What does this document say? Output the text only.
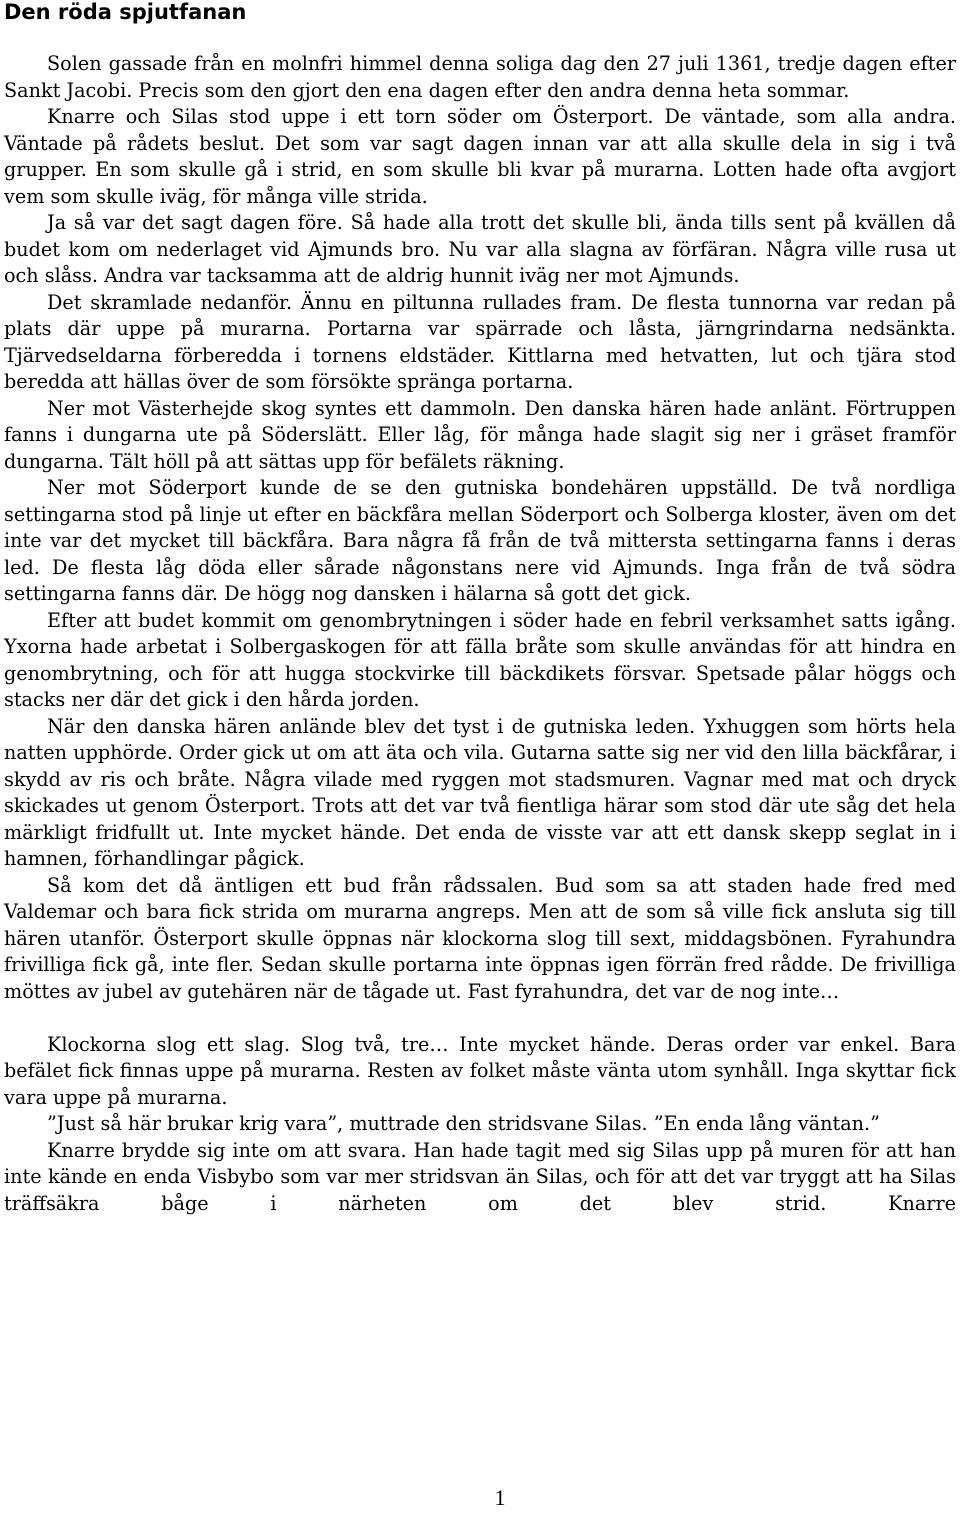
Den röda spjutfanan

Solen gassade från en molnfri himmel denna soliga dag den 27 juli 1361, tredje dagen efter Sankt Jacobi. Precis som den gjort den ena dagen efter den andra denna heta sommar.

Knarre och Silas stod uppe i ett torn söder om Österport. De väntade, som alla andra. Väntade på rådets beslut. Det som var sagt dagen innan var att alla skulle dela in sig i två grupper. En som skulle gå i strid, en som skulle bli kvar på murarna. Lotten hade ofta avgjort vem som skulle iväg, för många ville strida.

Ja så var det sagt dagen före. Så hade alla trott det skulle bli, ända tills sent på kvällen då budet kom om nederlaget vid Ajmunds bro. Nu var alla slagna av förfäran. Några ville rusa ut och slåss. Andra var tacksamma att de aldrig hunnit iväg ner mot Ajmunds.

Det skramlade nedanför. Ännu en piltunna rullades fram. De flesta tunnorna var redan på plats där uppe på murarna. Portarna var spärrade och låsta, järngrindarna nedsänkta. Tjärvedseldarna förberedda i tornens eldstäder. Kittlarna med hetvatten, lut och tjära stod beredda att hällas över de som försökte spränga portarna.

Ner mot Västerhejde skog syntes ett dammoln. Den danska hären hade anlänt. Förtruppen fanns i dungarna ute på Söderslätt. Eller låg, för många hade slagit sig ner i gräset framför dungarna. Tält höll på att sättas upp för befälets räkning.

Ner mot Söderport kunde de se den gutniska bondehären uppställd. De två nordliga settingarna stod på linje ut efter en bäckfåra mellan Söderport och Solberga kloster, även om det inte var det mycket till bäckfåra. Bara några få från de två mittersta settingarna fanns i deras led. De flesta låg döda eller sårade någonstans nere vid Ajmunds. Inga från de två södra settingarna fanns där. De högg nog dansken i hälarna så gott det gick.

Efter att budet kommit om genombrytningen i söder hade en febril verksamhet satts igång. Yxorna hade arbetat i Solbergaskogen för att fälla bråte som skulle användas för att hindra en genombrytning, och för att hugga stockvirke till bäckdikets försvar. Spetsade pålar höggs och stacks ner där det gick i den hårda jorden.

När den danska hären anlände blev det tyst i de gutniska leden. Yxhuggen som hörts hela natten upphörde. Order gick ut om att äta och vila. Gutarna satte sig ner vid den lilla bäckfårar, i skydd av ris och bråte. Några vilade med ryggen mot stadsmuren. Vagnar med mat och dryck skickades ut genom Österport. Trots att det var två fientliga härar som stod där ute såg det hela märkligt fridfullt ut. Inte mycket hände. Det enda de visste var att ett dansk skepp seglat in i hamnen, förhandlingar pågick.

Så kom det då äntligen ett bud från rådssalen. Bud som sa att staden hade fred med Valdemar och bara fick strida om murarna angreps. Men att de som så ville fick ansluta sig till hären utanför. Österport skulle öppnas när klockorna slog till sext, middagsbönen. Fyrahundra frivilliga fick gå, inte fler. Sedan skulle portarna inte öppnas igen förrän fred rådde. De frivilliga möttes av jubel av gutehären när de tågade ut. Fast fyrahundra, det var de nog inte…

Klockorna slog ett slag. Slog två, tre… Inte mycket hände. Deras order var enkel. Bara befälet fick finnas uppe på murarna. Resten av folket måste vänta utom synhåll. Inga skyttar fick vara uppe på murarna.

”Just så här brukar krig vara”, muttrade den stridsvane Silas. ”En enda lång väntan.”

Knarre brydde sig inte om att svara. Han hade tagit med sig Silas upp på muren för att han inte kände en enda Visbybo som var mer stridsvan än Silas, och för att det var tryggt att ha Silas träffsäkra båge i närheten om det blev strid. Knarre

1
